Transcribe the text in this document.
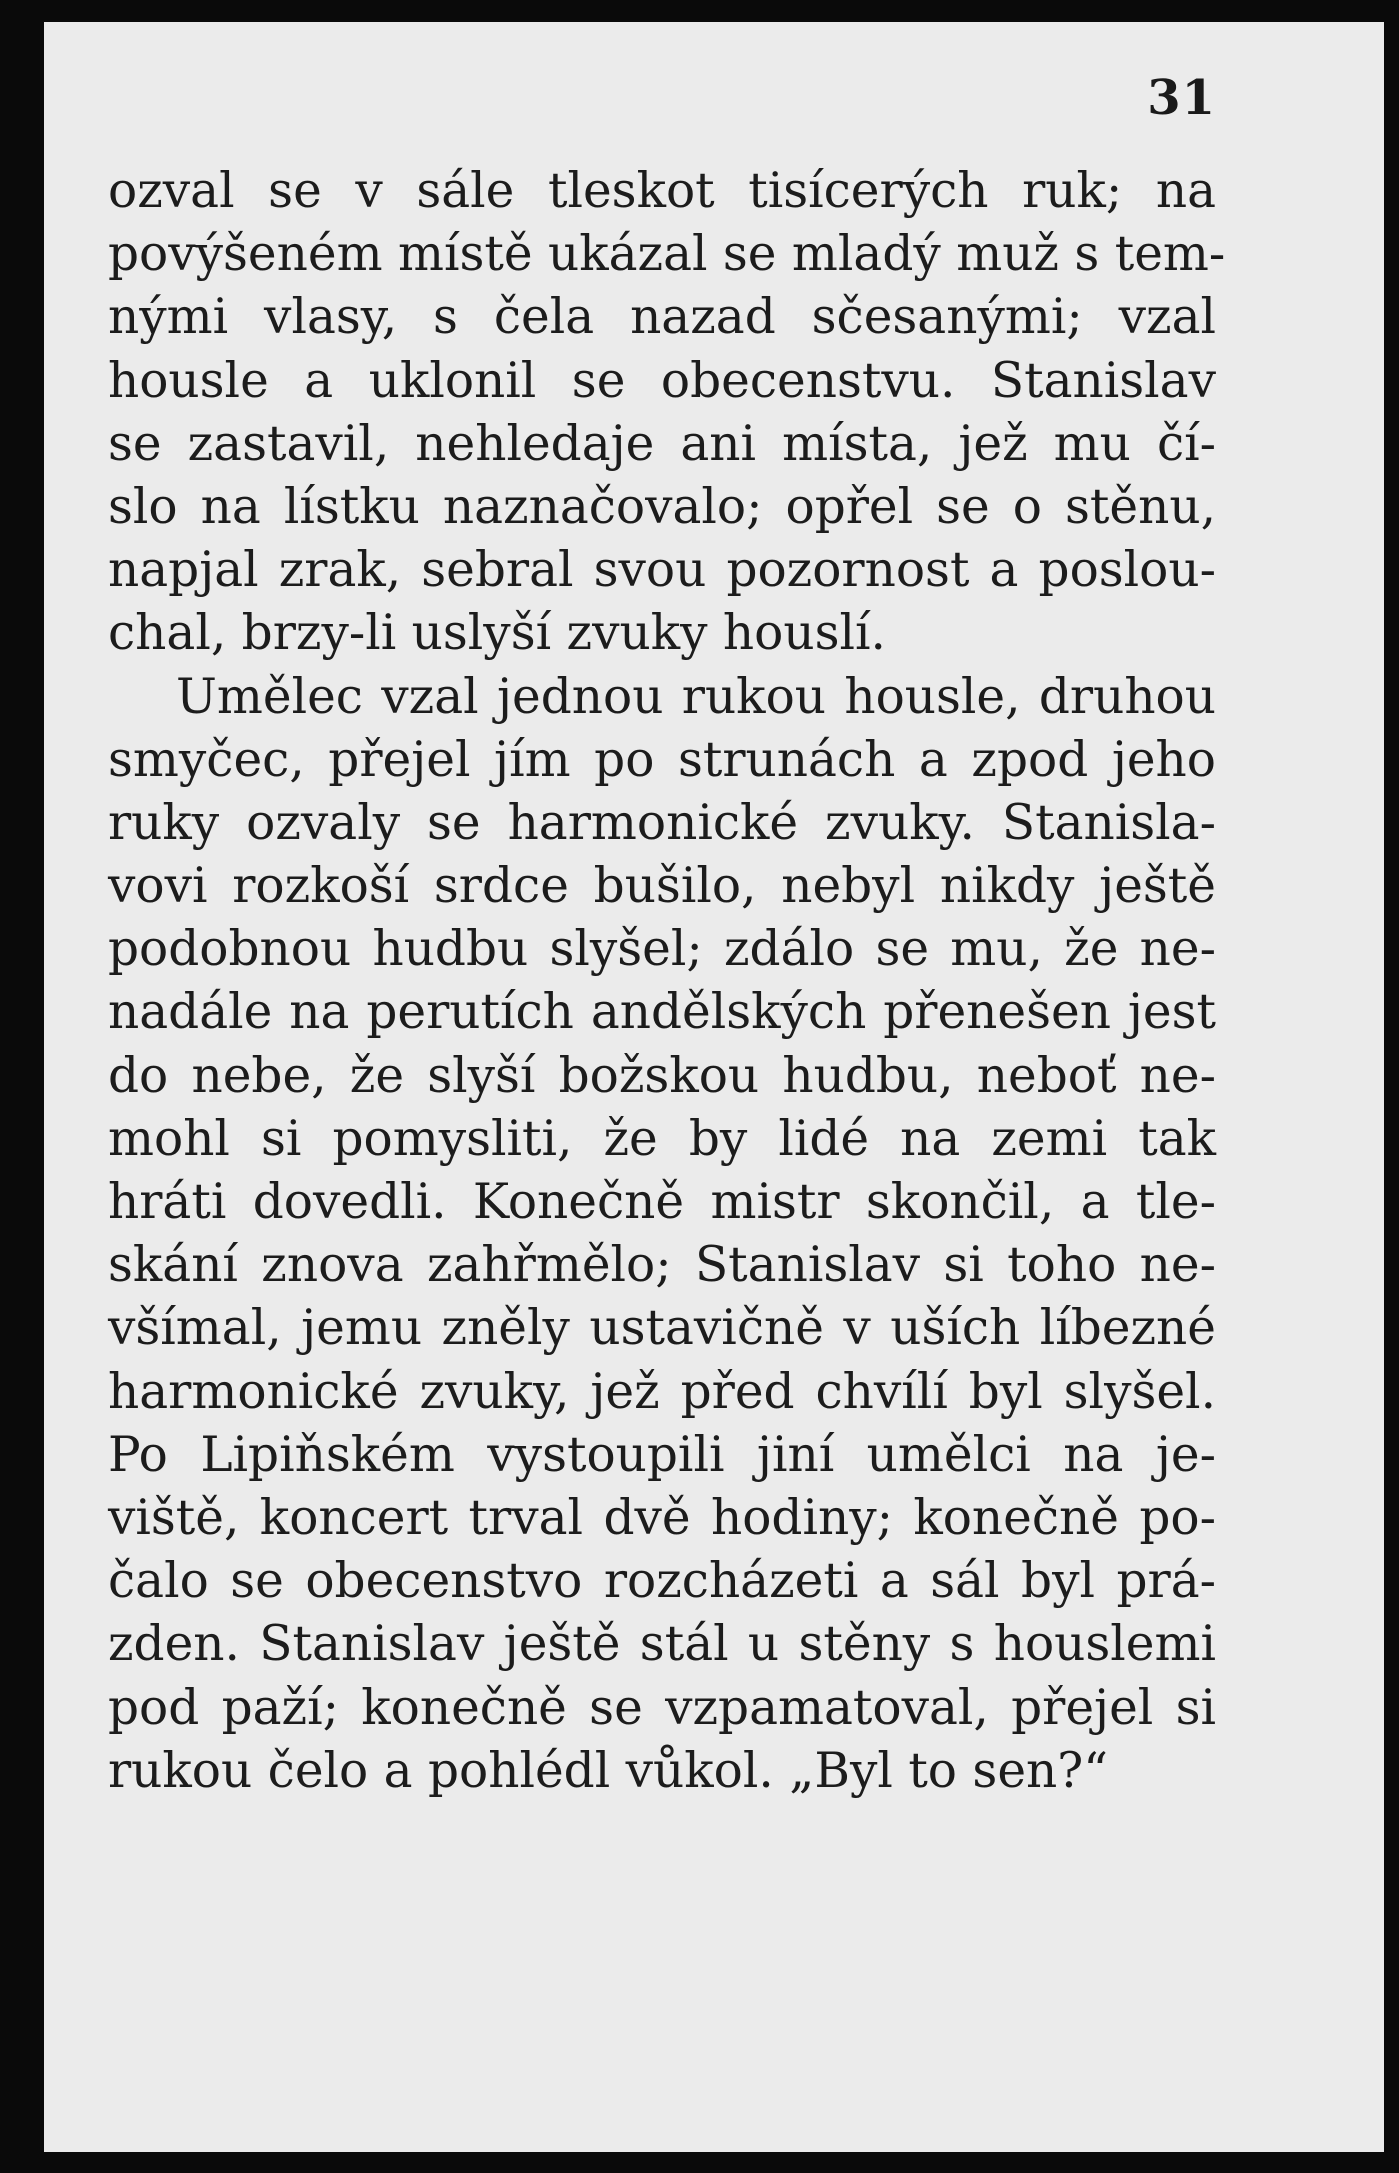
31
ozval se v sále tleskot tisícerých ruk; na
povýšeném místě ukázal se mladý muž s tem-
nými vlasy, s čela nazad sčesanými; vzal
housle a uklonil se obecenstvu. Stanislav
se zastavil, nehledaje ani místa, jež mu čí-
slo na lístku naznačovalo; opřel se o stěnu,
napjal zrak, sebral svou pozornost a poslou-
chal, brzy-li uslyší zvuky houslí.
Umělec vzal jednou rukou housle, druhou
smyčec, přejel jím po strunách a zpod jeho
ruky ozvaly se harmonické zvuky. Stanisla-
vovi rozkoší srdce bušilo, nebyl nikdy ještě
podobnou hudbu slyšel; zdálo se mu, že ne-
nadále na perutích andělských přenešen jest
do nebe, že slyší božskou hudbu, neboť ne-
mohl si pomysliti, že by lidé na zemi tak
hráti dovedli. Konečně mistr skončil, a tle-
skání znova zahřmělo; Stanislav si toho ne-
všímal, jemu zněly ustavičně v uších líbezné
harmonické zvuky, jež před chvílí byl slyšel.
Po Lipiňském vystoupili jiní umělci na je-
viště, koncert trval dvě hodiny; konečně po-
čalo se obecenstvo rozcházeti a sál byl prá-
zden. Stanislav ještě stál u stěny s houslemi
pod paží; konečně se vzpamatoval, přejel si
rukou čelo a pohlédl vůkol. „Byl to sen?“
